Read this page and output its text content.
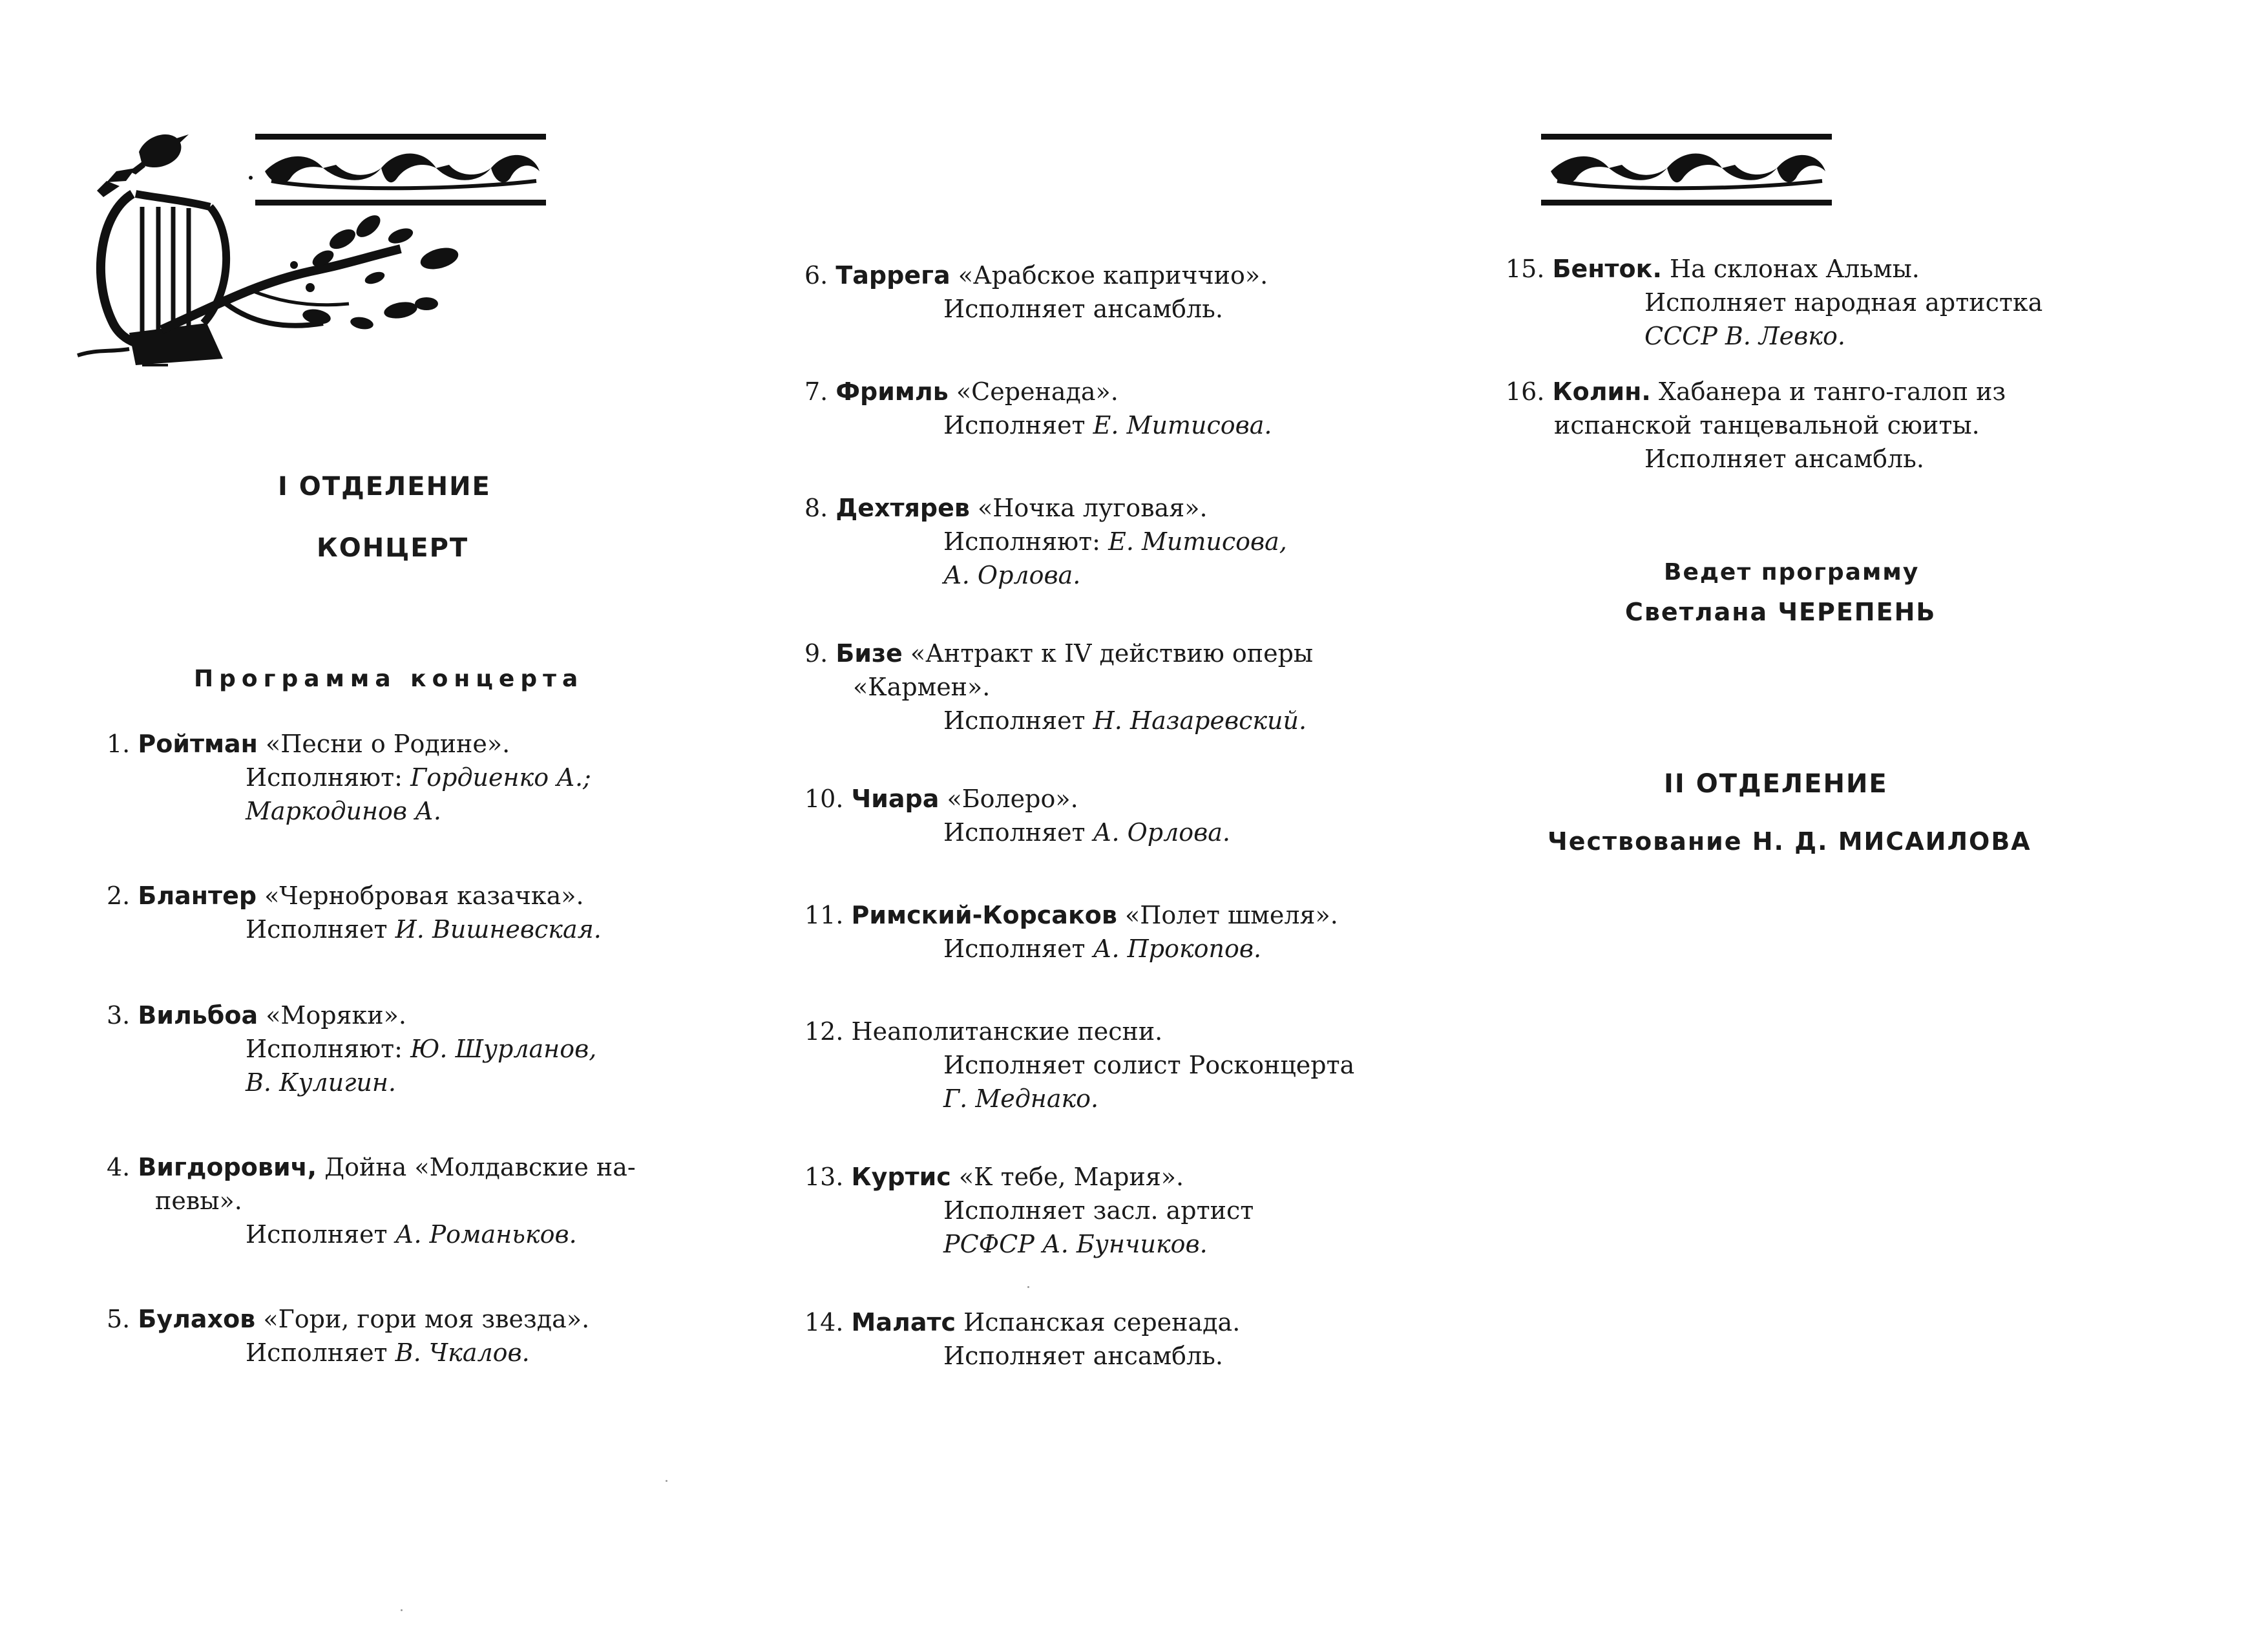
I ОТДЕЛЕНИЕ
КОНЦЕРТ
Программа концерта
1. Ройтман «Песни о Родине».
Исполняют: Гордиенко А.;
Маркодинов А.
2. Блантер «Чернобровая казачка».
Исполняет И. Вишневская.
3. Вильбоа «Моряки».
Исполняют: Ю. Шурланов,
В. Кулигин.
4. Вигдорович, Дойна «Молдавские на-
певы».
Исполняет А. Романьков.
5. Булахов «Гори, гори моя звезда».
Исполняет В. Чкалов.
6. Таррега «Арабское каприччио».
Исполняет ансамбль.
7. Фримль «Серенада».
Исполняет Е. Митисова.
8. Дехтярев «Ночка луговая».
Исполняют: Е. Митисова,
А. Орлова.
9. Бизе «Антракт к IV действию оперы
«Кармен».
Исполняет Н. Назаревский.
10. Чиара «Болеро».
Исполняет А. Орлова.
11. Римский-Корсаков «Полет шмеля».
Исполняет А. Прокопов.
12. Неаполитанские песни.
Исполняет солист Росконцерта
Г. Меднако.
13. Куртис «К тебе, Мария».
Исполняет засл. артист
РСФСР А. Бунчиков.
14. Малатс Испанская серенада.
Исполняет ансамбль.
15. Бенток. На склонах Альмы.
Исполняет народная артистка
СССР В. Левко.
16. Колин. Хабанера и танго-галоп из
испанской танцевальной сюиты.
Исполняет ансамбль.
Ведет программу
Светлана ЧЕРЕПЕНЬ
II ОТДЕЛЕНИЕ
Чествование Н. Д. МИСАИЛОВА
